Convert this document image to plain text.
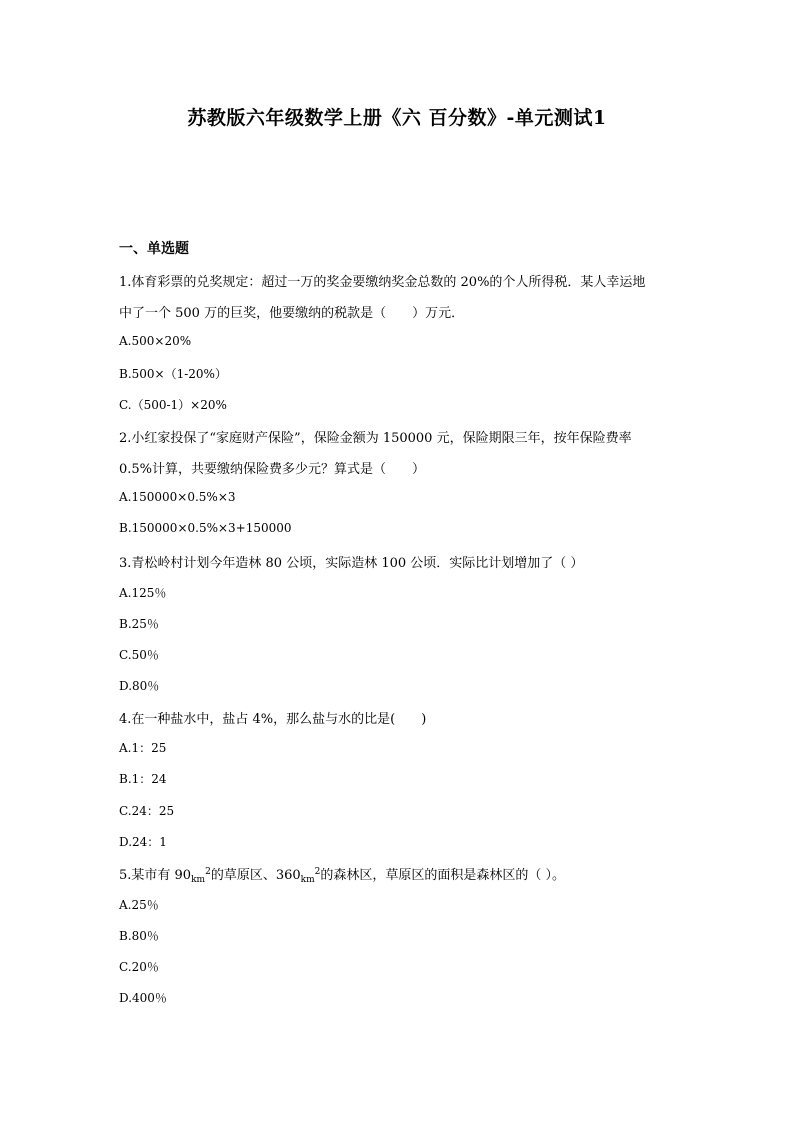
苏教版六年级数学上册《六 百分数》-单元测试1
一、单选题
1.体育彩票的兑奖规定：超过一万的奖金要缴纳奖金总数的 20%的个人所得税．某人幸运地
中了一个 500 万的巨奖，他要缴纳的税款是（　　）万元．
A.500×20%
B.500×（1-20%）
C.（500-1）×20%
2.小红家投保了“家庭财产保险”，保险金额为 150000 元，保险期限三年，按年保险费率
0.5%计算，共要缴纳保险费多少元？算式是（　　）
A.150000×0.5%×3
B.150000×0.5%×3+150000
3.青松岭村计划今年造林 80 公顷，实际造林 100 公顷．实际比计划增加了（ ）
A.125％
B.25％
C.50％
D.80％
4.在一种盐水中，盐占 4%，那么盐与水的比是(　　)
A.1：25
B.1：24
C.24：25
D.24：1
5.某市有 $90_{km}^2$的草原区、$360_{km}^2$的森林区，草原区的面积是森林区的（ ）。
A.25％
B.80％
C.20％
D.400％
